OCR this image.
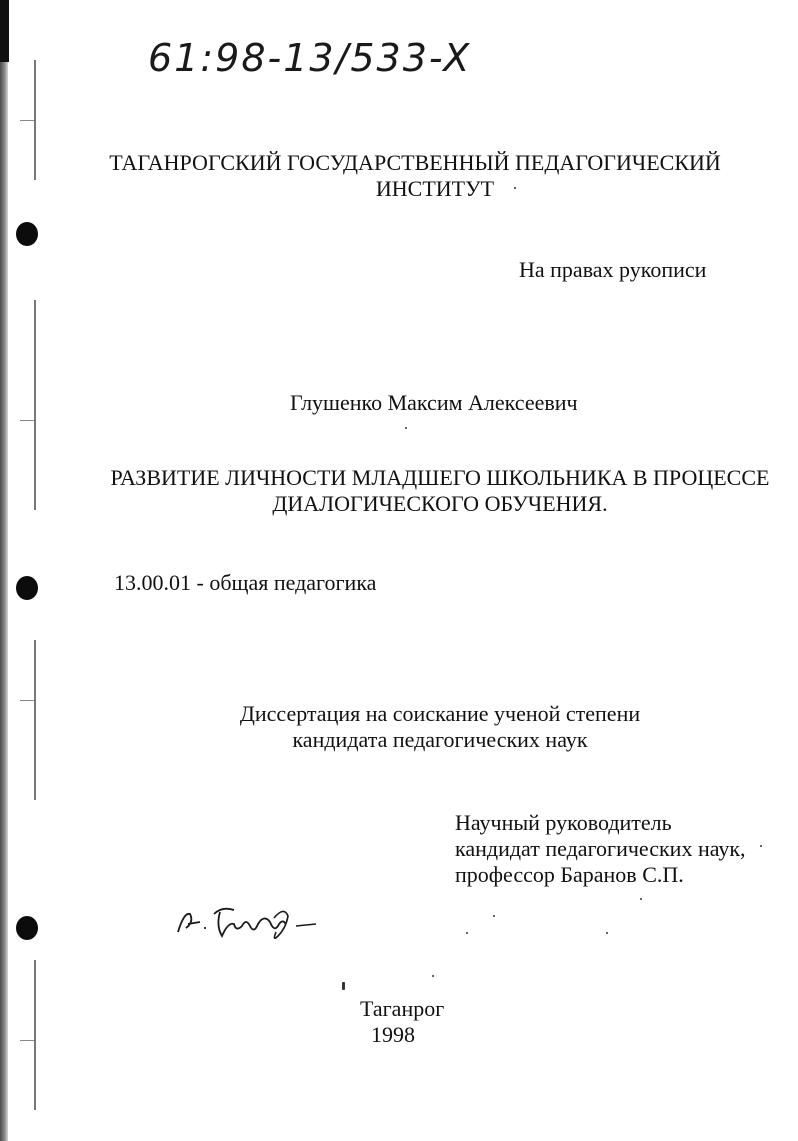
61:98-13/533-X
ТАГАНРОГСКИЙ ГОСУДАРСТВЕННЫЙ ПЕДАГОГИЧЕСКИЙ
ИНСТИТУТ
На правах рукописи
Глушенко Максим Алексеевич
РАЗВИТИЕ ЛИЧНОСТИ МЛАДШЕГО ШКОЛЬНИКА В ПРОЦЕССЕ
ДИАЛОГИЧЕСКОГО ОБУЧЕНИЯ.
13.00.01 - общая педагогика
Диссертация на соискание ученой степени
кандидата педагогических наук
Научный руководитель
кандидат педагогических наук,
профессор Баранов С.П.
Таганрог
1998
